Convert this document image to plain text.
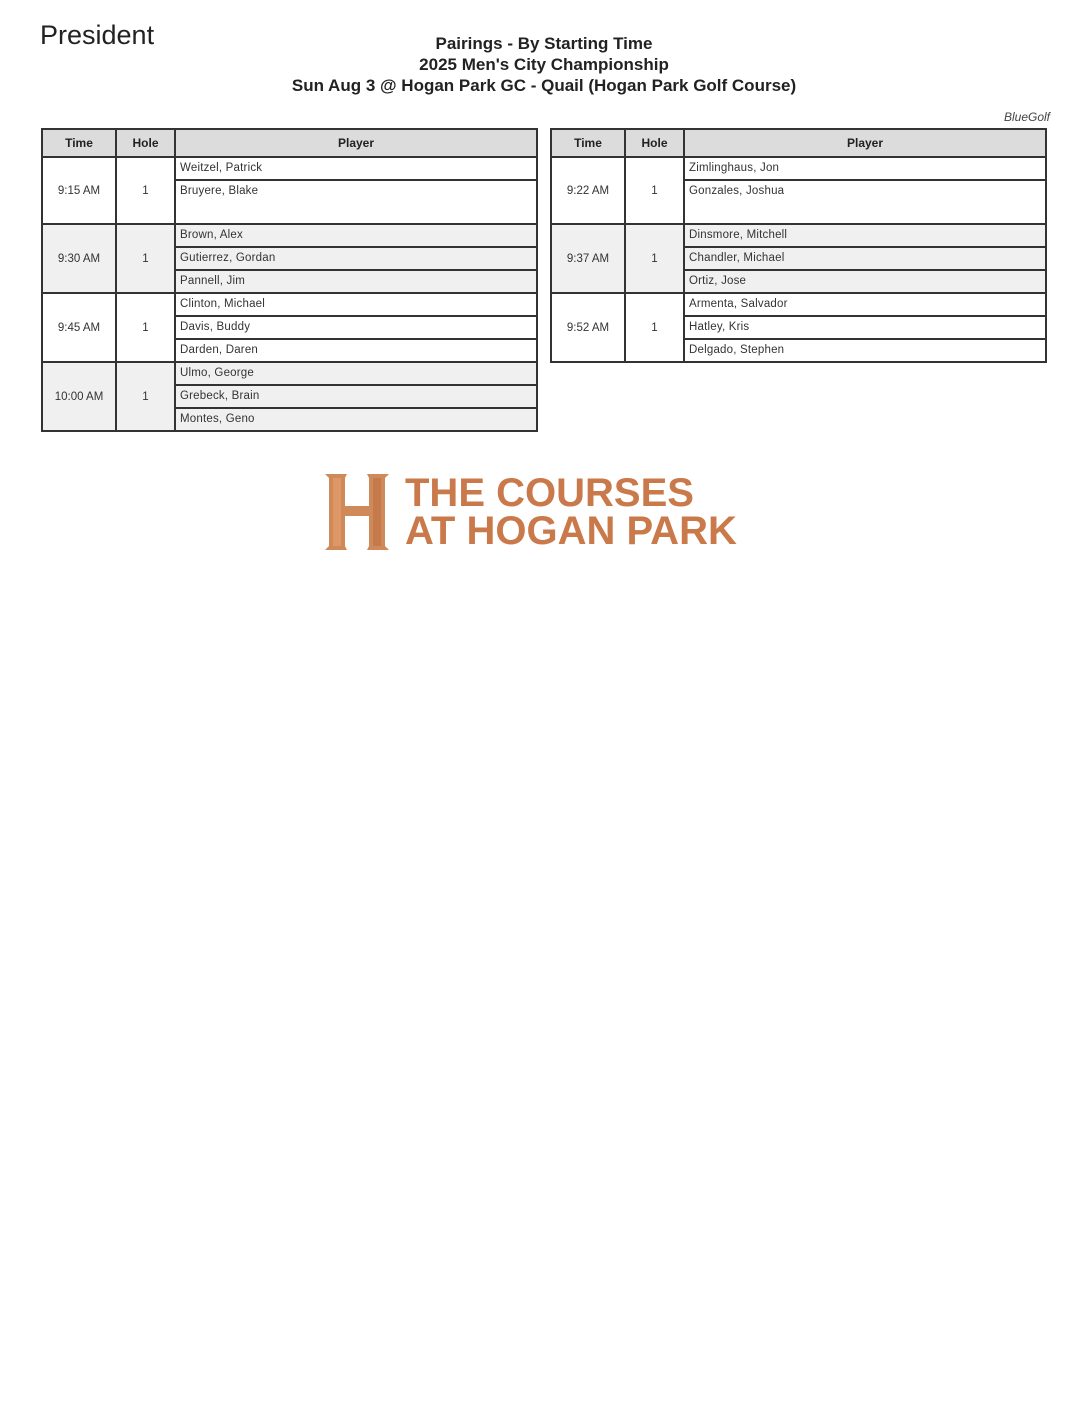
President	Pairings - By Starting Time
2025 Men's City Championship
Sun Aug 3 @ Hogan Park GC - Quail (Hogan Park Golf Course)
BlueGolf
Time	Hole	Player
9:15 AM	1	Weitzel, Patrick
Bruyere, Blake

9:30 AM	1	Brown, Alex
Gutierrez, Gordan
Pannell, Jim

9:45 AM	1	Clinton, Michael
Davis, Buddy
Darden, Daren

10:00 AM	1	Ulmo, George
Grebeck, Brain
Montes, Geno
Time	Hole	Player
9:22 AM	1	Zimlinghaus, Jon
Gonzales, Joshua

9:37 AM	1	Dinsmore, Mitchell
Chandler, Michael
Ortiz, Jose

9:52 AM	1	Armenta, Salvador
Hatley, Kris
Delgado, Stephen
THE COURSES
AT HOGAN PARK
